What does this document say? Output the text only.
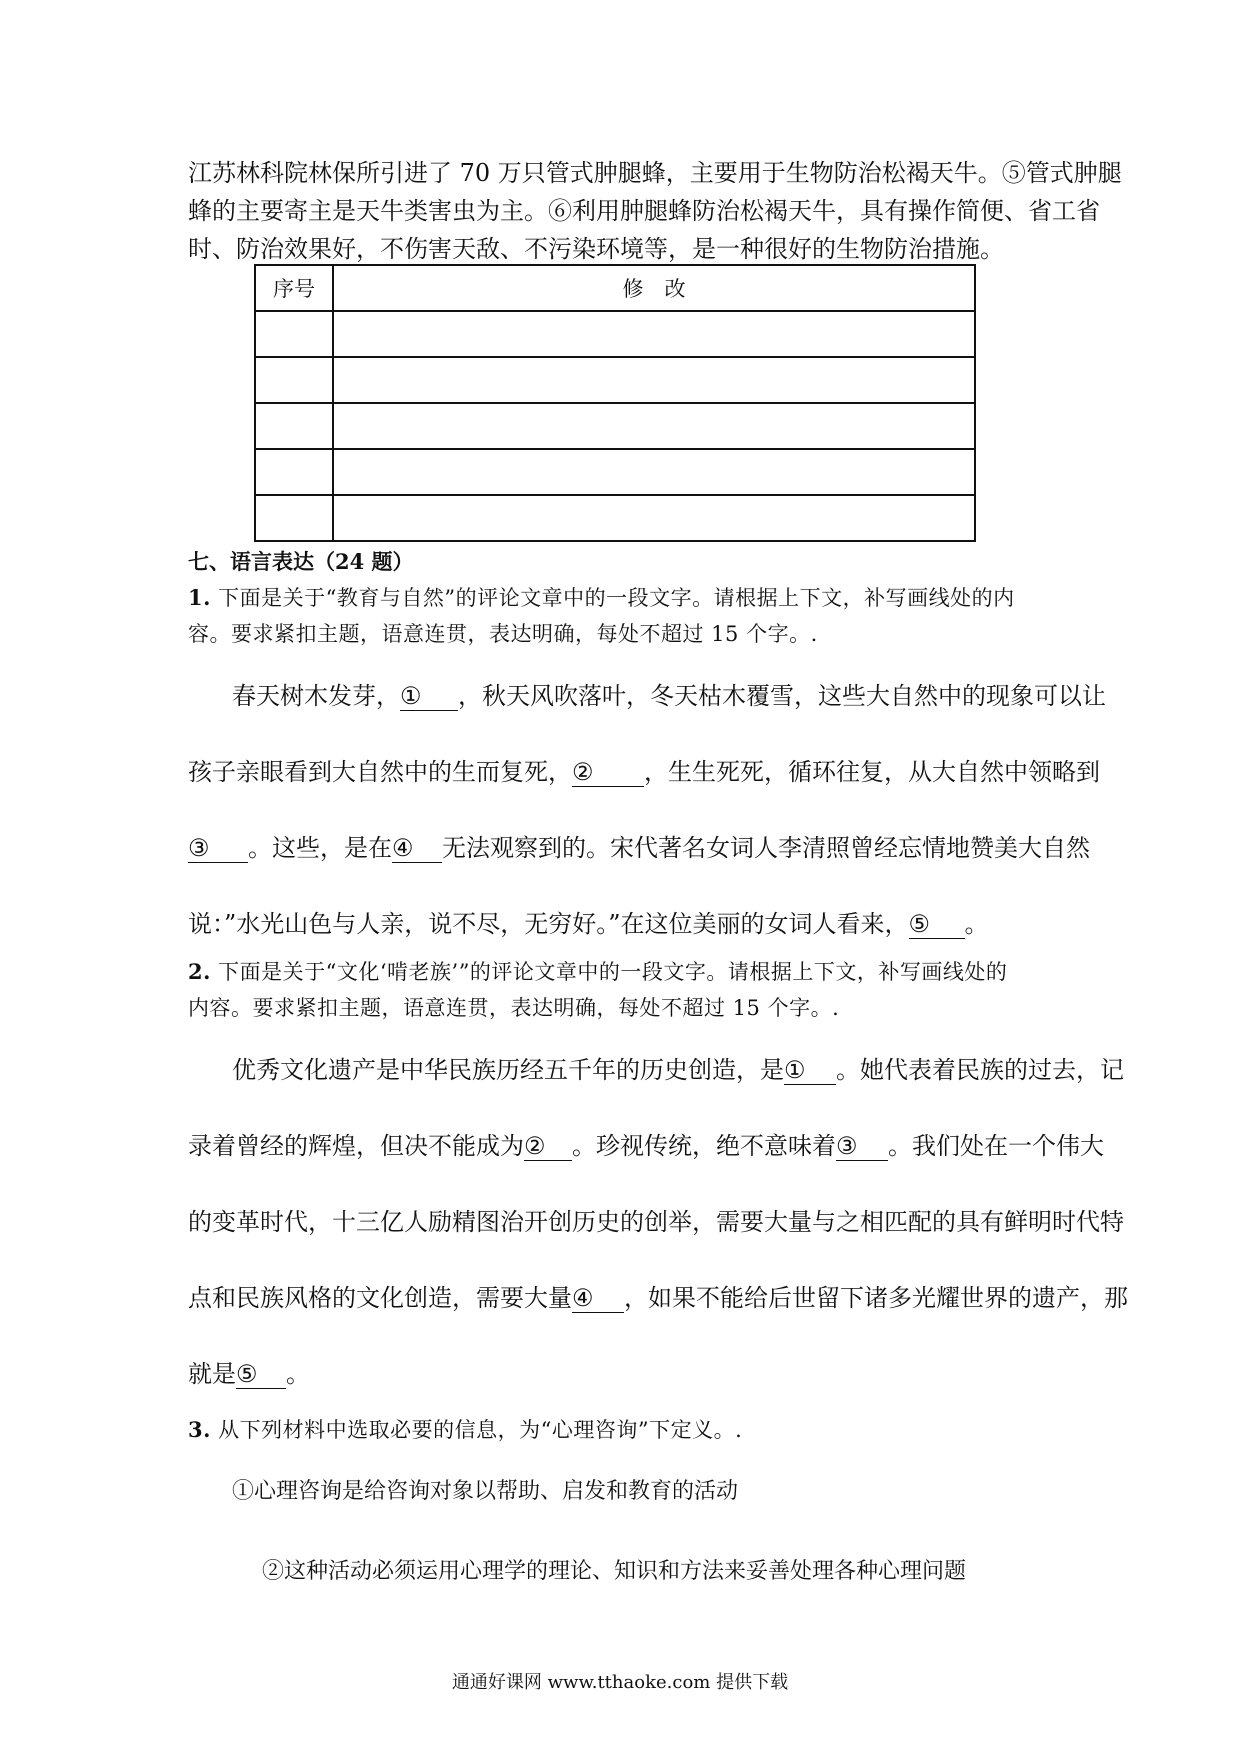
江苏林科院林保所引进了 70 万只管式肿腿蜂，主要用于生物防治松褐天牛。⑤管式肿腿

蜂的主要寄主是天牛类害虫为主。⑥利用肿腿蜂防治松褐天牛，具有操作简便、省工省

时、防治效果好，不伤害天敌、不污染环境等，是一种很好的生物防治措施。

序号	修　改

七、语言表达（24 题）

1. 下面是关于“教育与自然”的评论文章中的一段文字。请根据上下文，补写画线处的内

容。要求紧扣主题，语意连贯，表达明确，每处不超过 15 个字。.

春天树木发芽，① ，秋天风吹落叶，冬天枯木覆雪，这些大自然中的现象可以让
孩子亲眼看到大自然中的生而复死，② ，生生死死，循环往复，从大自然中领略到
③ 。这些，是在④ 无法观察到的。宋代著名女词人李清照曾经忘情地赞美大自然
说：”水光山色与人亲，说不尽，无穷好。”在这位美丽的女词人看来，⑤ 。

2. 下面是关于“文化‘啃老族’”的评论文章中的一段文字。请根据上下文，补写画线处的

内容。要求紧扣主题，语意连贯，表达明确，每处不超过 15 个字。.

优秀文化遗产是中华民族历经五千年的历史创造，是① 。她代表着民族的过去，记
录着曾经的辉煌，但决不能成为② 。珍视传统，绝不意味着③ 。我们处在一个伟大
的变革时代，十三亿人励精图治开创历史的创举，需要大量与之相匹配的具有鲜明时代特
点和民族风格的文化创造，需要大量④ ，如果不能给后世留下诸多光耀世界的遗产，那
就是⑤ 。

3. 从下列材料中选取必要的信息，为“心理咨询”下定义。.

①心理咨询是给咨询对象以帮助、启发和教育的活动
②这种活动必须运用心理学的理论、知识和方法来妥善处理各种心理问题
通通好课网 www.tthaoke.com 提供下载
